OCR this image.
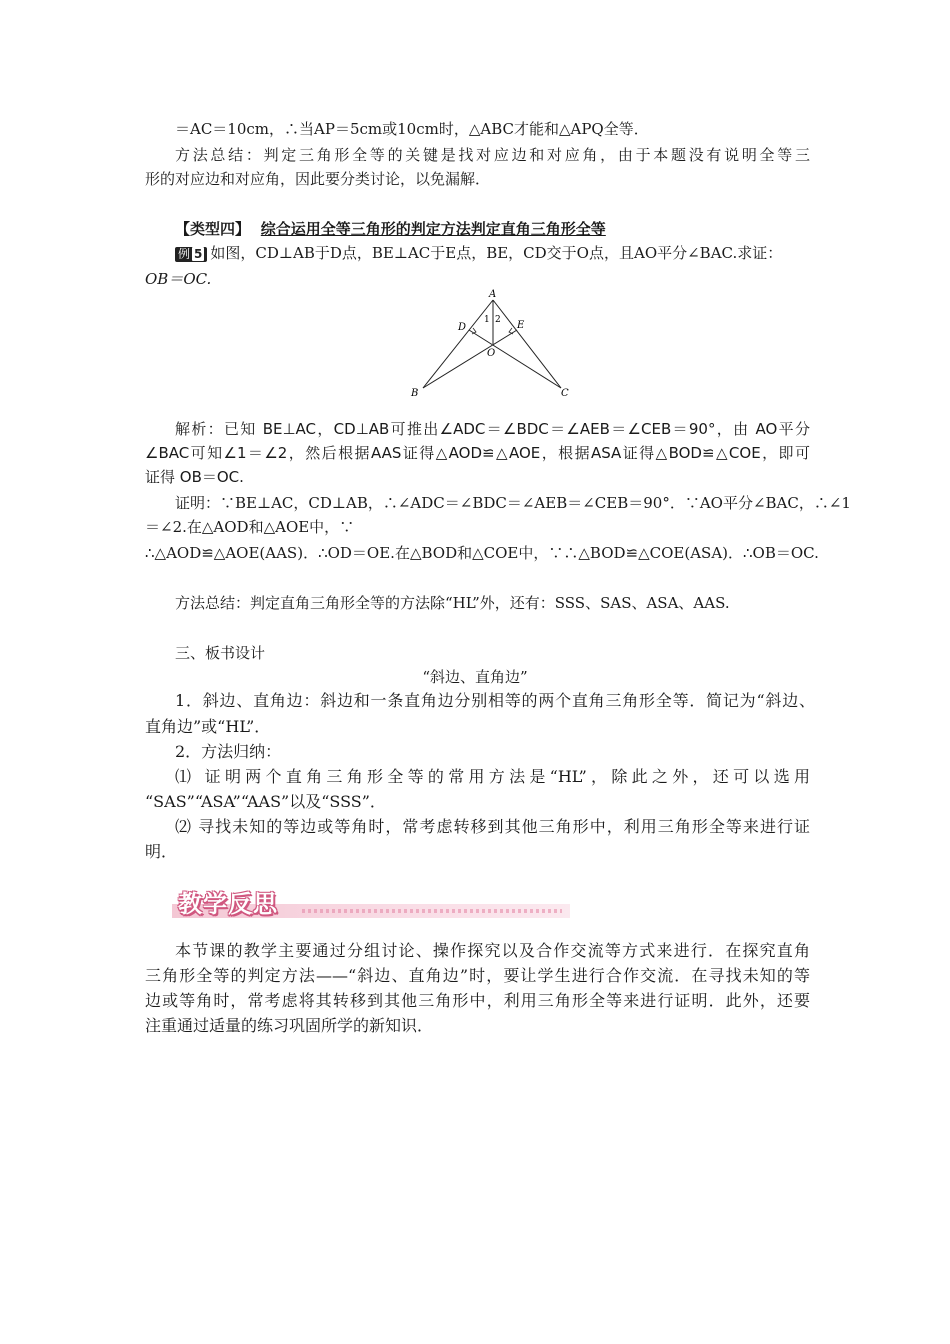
＝AC＝10cm，∴当AP＝5cm或10cm时，△ABC才能和△APQ全等．
方法总结：判定三角形全等的关键是找对应边和对应角，由于本题没有说明全等三
形的对应边和对应角，因此要分类讨论，以免漏解．
【类型四】 综合运用全等三角形的判定方法判定直角三角形全等
例 5 如图，CD⊥AB于D点，BE⊥AC于E点，BE，CD交于O点，且AO平分∠BAC.求证：
OB＝OC.
A
B	C
D	E
O
1 2
解析：已知 BE⊥AC，CD⊥AB可推出∠ADC＝∠BDC＝∠AEB＝∠CEB＝90°，由 AO平分
∠BAC可知∠1＝∠2，然后根据AAS证得△AOD≌△AOE，根据ASA证得△BOD≌△COE，即可
证得 OB＝OC.
证明：∵BE⊥AC，CD⊥AB，∴∠ADC＝∠BDC＝∠AEB＝∠CEB＝90°．∵AO平分∠BAC，∴∠1
＝∠2.在△AOD和△AOE中，∵
∴△AOD≌△AOE(AAS)．∴OD＝OE.在△BOD和△COE中，∵∴△BOD≌△COE(ASA)．∴OB＝OC.
方法总结：判定直角三角形全等的方法除“HL”外，还有：SSS、SAS、ASA、AAS.
三、板书设计
“斜边、直角边”
1．斜边、直角边：斜边和一条直角边分别相等的两个直角三角形全等．简记为“斜边、
直角边”或“HL”．
2．方法归纳：
⑴ 证明两个直角三角形全等的常用方法是“HL”，除此之外，还可以选用
“SAS”“ASA”“AAS”以及“SSS”．
⑵ 寻找未知的等边或等角时，常考虑转移到其他三角形中，利用三角形全等来进行证
明．
教学反思
本节课的教学主要通过分组讨论、操作探究以及合作交流等方式来进行．在探究直角
三角形全等的判定方法——“斜边、直角边”时，要让学生进行合作交流．在寻找未知的等
边或等角时，常考虑将其转移到其他三角形中，利用三角形全等来进行证明．此外，还要
注重通过适量的练习巩固所学的新知识．
